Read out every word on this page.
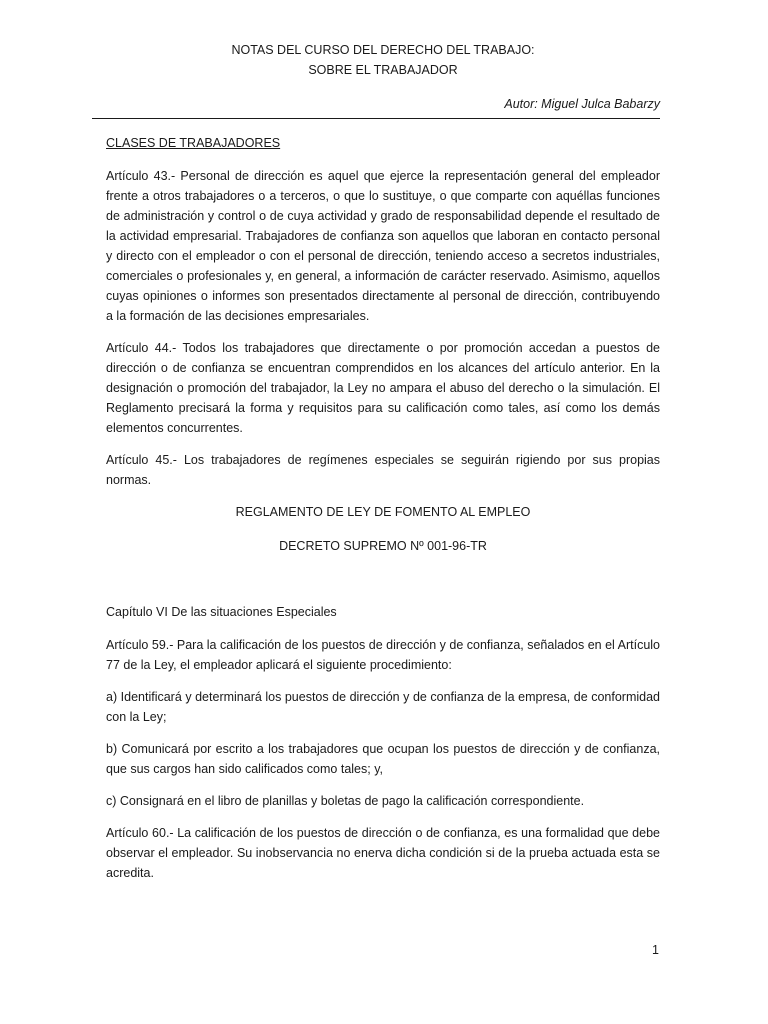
NOTAS DEL CURSO DEL DERECHO DEL TRABAJO:
SOBRE EL TRABAJADOR
Autor: Miguel Julca Babarzy

CLASES DE TRABAJADORES

Artículo 43.- Personal de dirección es aquel que ejerce la representación general del empleador frente a otros trabajadores o a terceros, o que lo sustituye, o que comparte con aquéllas funciones de administración y control o de cuya actividad y grado de responsabilidad depende el resultado de la actividad empresarial. Trabajadores de confianza son aquellos que laboran en contacto personal y directo con el empleador o con el personal de dirección, teniendo acceso a secretos industriales, comerciales o profesionales y, en general, a información de carácter reservado. Asimismo, aquellos cuyas opiniones o informes son presentados directamente al personal de dirección, contribuyendo a la formación de las decisiones empresariales.

Artículo 44.- Todos los trabajadores que directamente o por promoción accedan a puestos de dirección o de confianza se encuentran comprendidos en los alcances del artículo anterior. En la designación o promoción del trabajador, la Ley no ampara el abuso del derecho o la simulación. El Reglamento precisará la forma y requisitos para su calificación como tales, así como los demás elementos concurrentes.

Artículo 45.- Los trabajadores de regímenes especiales se seguirán rigiendo por sus propias normas.

REGLAMENTO DE LEY DE FOMENTO AL EMPLEO

DECRETO SUPREMO Nº 001-96-TR

Capítulo VI De las situaciones Especiales

Artículo 59.- Para la calificación de los puestos de dirección y de confianza, señalados en el Artículo 77 de la Ley, el empleador aplicará el siguiente procedimiento:

a) Identificará y determinará los puestos de dirección y de confianza de la empresa, de conformidad con la Ley;

b) Comunicará por escrito a los trabajadores que ocupan los puestos de dirección y de confianza, que sus cargos han sido calificados como tales; y,

c) Consignará en el libro de planillas y boletas de pago la calificación correspondiente.

Artículo 60.- La calificación de los puestos de dirección o de confianza, es una formalidad que debe observar el empleador. Su inobservancia no enerva dicha condición si de la prueba actuada esta se acredita.

1
